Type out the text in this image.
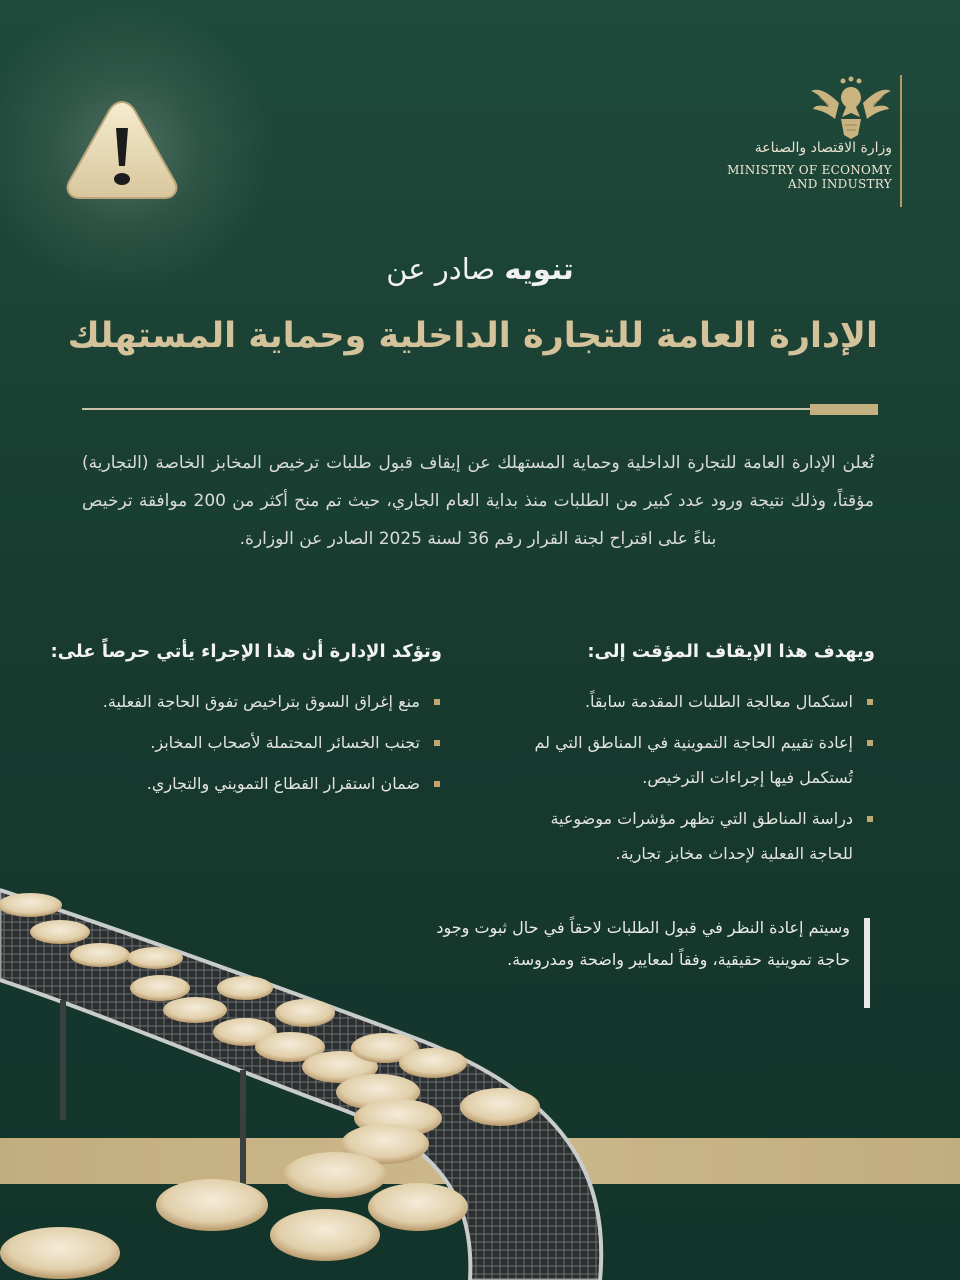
وزارة الاقتصاد والصناعة
MINISTRY OF ECONOMY
AND INDUSTRY
تنويه صادر عن
الإدارة العامة للتجارة الداخلية وحماية المستهلك
تُعلن الإدارة العامة للتجارة الداخلية وحماية المستهلك عن إيقاف قبول طلبات ترخيص المخابز الخاصة (التجارية) مؤقتاً، وذلك نتيجة ورود عدد كبير من الطلبات منذ بداية العام الجاري، حيث تم منح أكثر من 200 موافقة ترخيص بناءً على اقتراح لجنة القرار رقم 36 لسنة 2025 الصادر عن الوزارة.
ويهدف هذا الإيقاف المؤقت إلى:
استكمال معالجة الطلبات المقدمة سابقاً.
إعادة تقييم الحاجة التموينية في المناطق التي لم تُستكمل فيها إجراءات الترخيص.
دراسة المناطق التي تظهر مؤشرات موضوعية للحاجة الفعلية لإحداث مخابز تجارية.
وتؤكد الإدارة أن هذا الإجراء يأتي حرصاً على:
منع إغراق السوق بتراخيص تفوق الحاجة الفعلية.
تجنب الخسائر المحتملة لأصحاب المخابز.
ضمان استقرار القطاع التمويني والتجاري.
وسيتم إعادة النظر في قبول الطلبات لاحقاً في حال ثبوت وجود حاجة تموينية حقيقية، وفقاً لمعايير واضحة ومدروسة.
